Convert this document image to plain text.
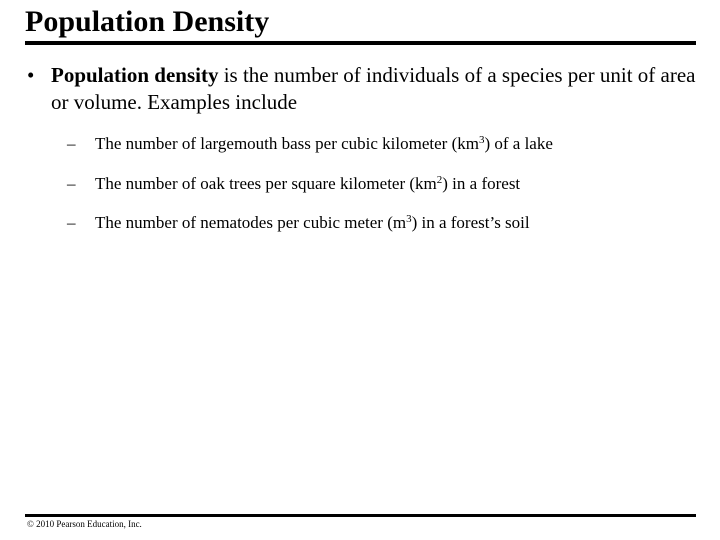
Population Density
• Population density is the number of individuals of a species per unit of area or volume. Examples include
– The number of largemouth bass per cubic kilometer $(km^3)$ of a lake
– The number of oak trees per square kilometer $(km^2)$ in a forest
– The number of nematodes per cubic meter $(m^3)$ in a forest’s soil
© 2010 Pearson Education, Inc.
